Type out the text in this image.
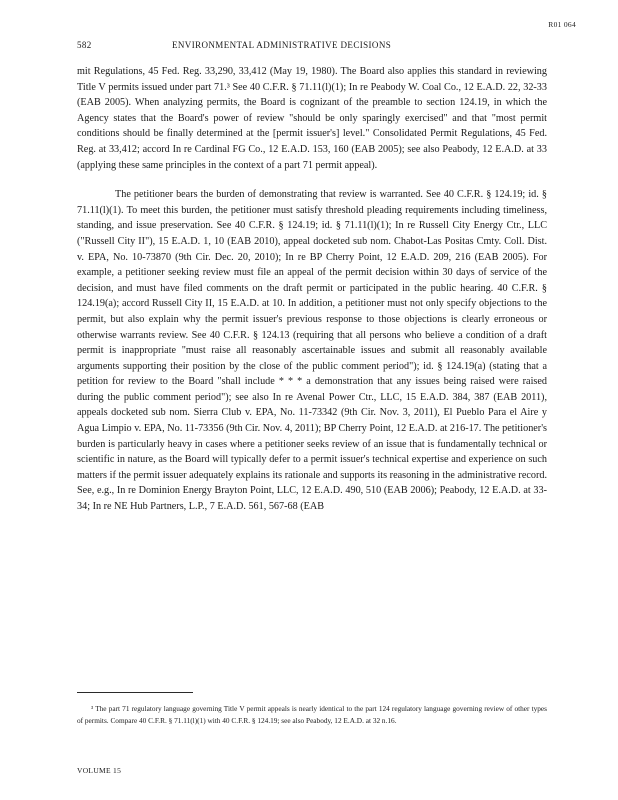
R01 064
582	ENVIRONMENTAL ADMINISTRATIVE DECISIONS

mit Regulations, 45 Fed. Reg. 33,290, 33,412 (May 19, 1980). The Board also applies this standard in reviewing Title V permits issued under part 71.³ See 40 C.F.R. § 71.11(l)(1); In re Peabody W. Coal Co., 12 E.A.D. 22, 32-33 (EAB 2005). When analyzing permits, the Board is cognizant of the preamble to section 124.19, in which the Agency states that the Board's power of review "should be only sparingly exercised" and that "most permit conditions should be finally determined at the [permit issuer's] level." Consolidated Permit Regulations, 45 Fed. Reg. at 33,412; accord In re Cardinal FG Co., 12 E.A.D. 153, 160 (EAB 2005); see also Peabody, 12 E.A.D. at 33 (applying these same principles in the context of a part 71 permit appeal).

The petitioner bears the burden of demonstrating that review is warranted. See 40 C.F.R. § 124.19; id. § 71.11(l)(1). To meet this burden, the petitioner must satisfy threshold pleading requirements including timeliness, standing, and issue preservation. See 40 C.F.R. § 124.19; id. § 71.11(l)(1); In re Russell City Energy Ctr., LLC ("Russell City II"), 15 E.A.D. 1, 10 (EAB 2010), appeal docketed sub nom. Chabot-Las Positas Cmty. Coll. Dist. v. EPA, No. 10-73870 (9th Cir. Dec. 20, 2010); In re BP Cherry Point, 12 E.A.D. 209, 216 (EAB 2005). For example, a petitioner seeking review must file an appeal of the permit decision within 30 days of service of the decision, and must have filed comments on the draft permit or participated in the public hearing. 40 C.F.R. § 124.19(a); accord Russell City II, 15 E.A.D. at 10. In addition, a petitioner must not only specify objections to the permit, but also explain why the permit issuer's previous response to those objections is clearly erroneous or otherwise warrants review. See 40 C.F.R. § 124.13 (requiring that all persons who believe a condition of a draft permit is inappropriate "must raise all reasonably ascertainable issues and submit all reasonably available arguments supporting their position by the close of the public comment period"); id. § 124.19(a) (stating that a petition for review to the Board "shall include * * * a demonstration that any issues being raised were raised during the public comment period"); see also In re Avenal Power Ctr., LLC, 15 E.A.D. 384, 387 (EAB 2011), appeals docketed sub nom. Sierra Club v. EPA, No. 11-73342 (9th Cir. Nov. 3, 2011), El Pueblo Para el Aire y Agua Limpio v. EPA, No. 11-73356 (9th Cir. Nov. 4, 2011); BP Cherry Point, 12 E.A.D. at 216-17. The petitioner's burden is particularly heavy in cases where a petitioner seeks review of an issue that is fundamentally technical or scientific in nature, as the Board will typically defer to a permit issuer's technical expertise and experience on such matters if the permit issuer adequately explains its rationale and supports its reasoning in the administrative record. See, e.g., In re Dominion Energy Brayton Point, LLC, 12 E.A.D. 490, 510 (EAB 2006); Peabody, 12 E.A.D. at 33-34; In re NE Hub Partners, L.P., 7 E.A.D. 561, 567-68 (EAB

³ The part 71 regulatory language governing Title V permit appeals is nearly identical to the part 124 regulatory language governing review of other types of permits. Compare 40 C.F.R. § 71.11(l)(1) with 40 C.F.R. § 124.19; see also Peabody, 12 E.A.D. at 32 n.16.
VOLUME 15
